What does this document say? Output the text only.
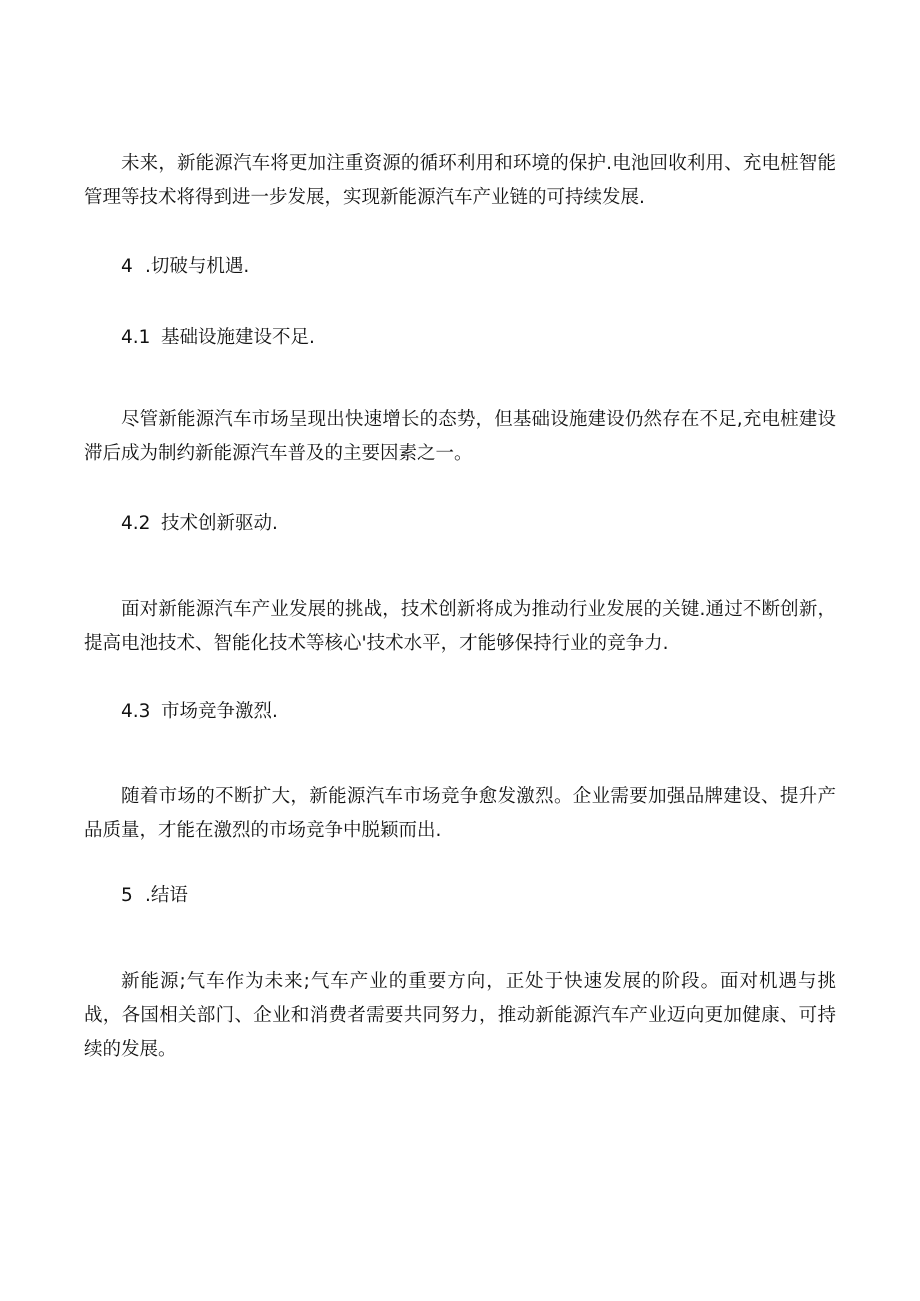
未来，新能源汽车将更加注重资源的循环利用和环境的保护.电池回收利用、充电桩智能管理等技术将得到进一步发展，实现新能源汽车产业链的可持续发展.

4 .切破与机遇.
4.1 基础设施建设不足.

尽管新能源汽车市场呈现出快速增长的态势，但基础设施建设仍然存在不足,充电桩建设滞后成为制约新能源汽车普及的主要因素之一。

4.2 技术创新驱动.

面对新能源汽车产业发展的挑战，技术创新将成为推动行业发展的关键.通过不断创新，提高电池技术、智能化技术等核心'技术水平，才能够保持行业的竞争力.

4.3 市场竞争激烈.

随着市场的不断扩大，新能源汽车市场竞争愈发激烈。企业需要加强品牌建设、提升产品质量，才能在激烈的市场竞争中脱颖而出.

5 .结语

新能源;气车作为未来;气车产业的重要方向，正处于快速发展的阶段。面对机遇与挑战，各国相关部门、企业和消费者需要共同努力，推动新能源汽车产业迈向更加健康、可持续的发展。
